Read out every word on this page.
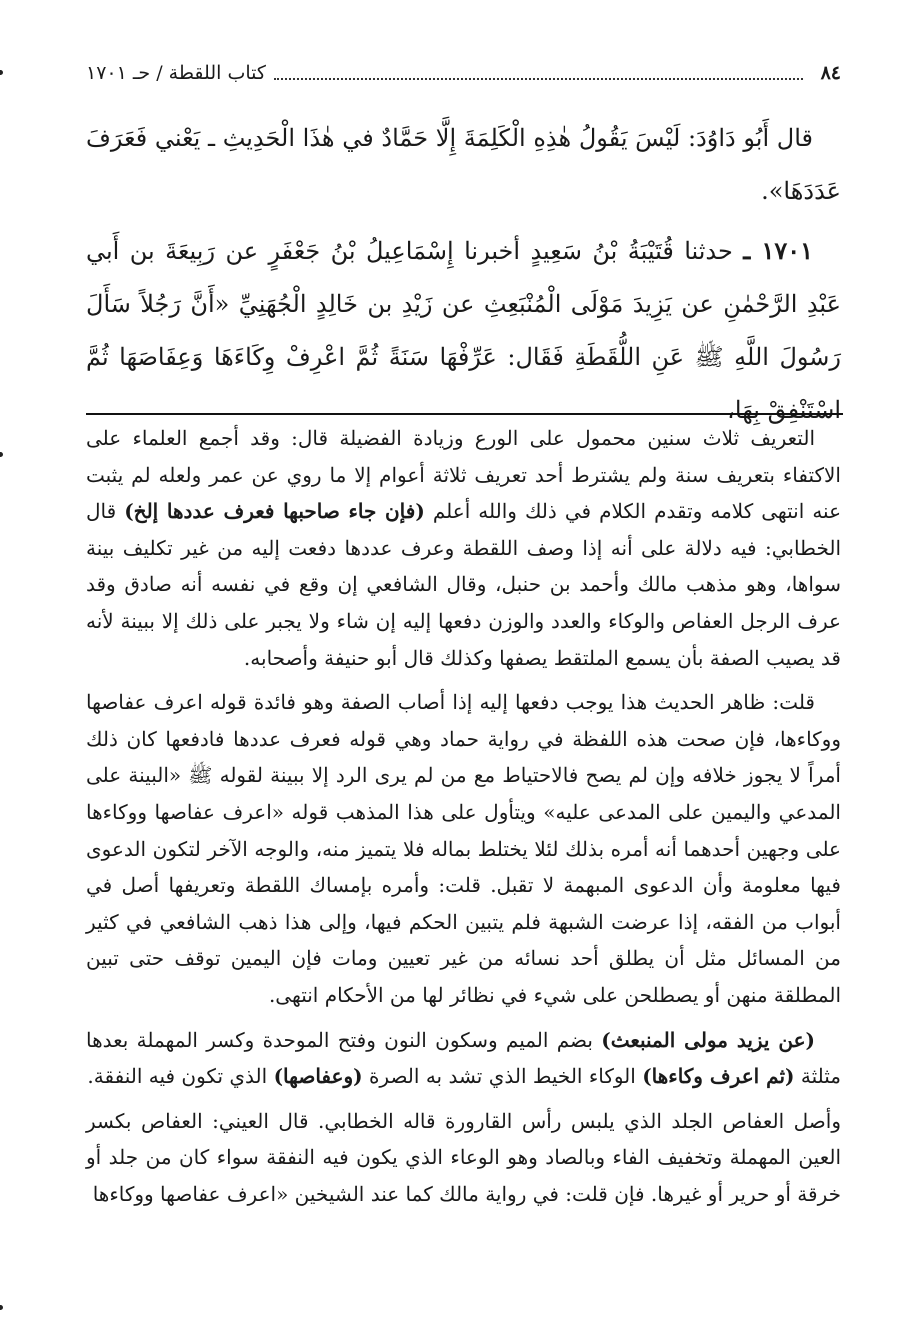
٨٤
كتاب اللقطة / حـ ١٧٠١

قال أَبُو دَاوُدَ: لَيْسَ يَقُولُ هٰذِهِ الْكَلِمَةَ إِلَّا حَمَّادٌ في هٰذَا الْحَدِيثِ ـ يَعْني فَعَرَفَ عَدَدَهَا».

١٧٠١ ـ حدثنا قُتَيْبَةُ بْنُ سَعِيدٍ أخبرنا إِسْمَاعِيلُ بْنُ جَعْفَرٍ عن رَبِيعَةَ بن أَبي عَبْدِ الرَّحْمٰنِ عن يَزِيدَ مَوْلَى الْمُنْبَعِثِ عن زَيْدِ بن خَالِدٍ الْجُهَنِيِّ «أَنَّ رَجُلاً سَأَلَ رَسُولَ اللَّهِ ﷺ عَنِ اللُّقَطَةِ فَقَال: عَرِّفْهَا سَنَةً ثُمَّ اعْرِفْ وِكَاءَهَا وَعِفَاصَهَا ثُمَّ اسْتَنْفِقْ بِهَا،

التعريف ثلاث سنين محمول على الورع وزيادة الفضيلة قال: وقد أجمع العلماء على الاكتفاء بتعريف سنة ولم يشترط أحد تعريف ثلاثة أعوام إلا ما روي عن عمر ولعله لم يثبت عنه انتهى كلامه وتقدم الكلام في ذلك والله أعلم (فإن جاء صاحبها فعرف عددها إلخ) قال الخطابي: فيه دلالة على أنه إذا وصف اللقطة وعرف عددها دفعت إليه من غير تكليف بينة سواها، وهو مذهب مالك وأحمد بن حنبل، وقال الشافعي إن وقع في نفسه أنه صادق وقد عرف الرجل العفاص والوكاء والعدد والوزن دفعها إليه إن شاء ولا يجبر على ذلك إلا ببينة لأنه قد يصيب الصفة بأن يسمع الملتقط يصفها وكذلك قال أبو حنيفة وأصحابه.

قلت: ظاهر الحديث هذا يوجب دفعها إليه إذا أصاب الصفة وهو فائدة قوله اعرف عفاصها ووكاءها، فإن صحت هذه اللفظة في رواية حماد وهي قوله فعرف عددها فادفعها كان ذلك أمراً لا يجوز خلافه وإن لم يصح فالاحتياط مع من لم يرى الرد إلا ببينة لقوله ﷺ «البينة على المدعي واليمين على المدعى عليه» ويتأول على هذا المذهب قوله «اعرف عفاصها ووكاءها على وجهين أحدهما أنه أمره بذلك لئلا يختلط بماله فلا يتميز منه، والوجه الآخر لتكون الدعوى فيها معلومة وأن الدعوى المبهمة لا تقبل. قلت: وأمره بإمساك اللقطة وتعريفها أصل في أبواب من الفقه، إذا عرضت الشبهة فلم يتبين الحكم فيها، وإلى هذا ذهب الشافعي في كثير من المسائل مثل أن يطلق أحد نسائه من غير تعيين ومات فإن اليمين توقف حتى تبين المطلقة منهن أو يصطلحن على شيء في نظائر لها من الأحكام انتهى.

(عن يزيد مولى المنبعث) بضم الميم وسكون النون وفتح الموحدة وكسر المهملة بعدها مثلثة (ثم اعرف وكاءها) الوكاء الخيط الذي تشد به الصرة (وعفاصها) الذي تكون فيه النفقة.

وأصل العفاص الجلد الذي يلبس رأس القارورة قاله الخطابي. قال العيني: العفاص بكسر العين المهملة وتخفيف الفاء وبالصاد وهو الوعاء الذي يكون فيه النفقة سواء كان من جلد أو خرقة أو حرير أو غيرها. فإن قلت: في رواية مالك كما عند الشيخين «اعرف عفاصها ووكاءها
